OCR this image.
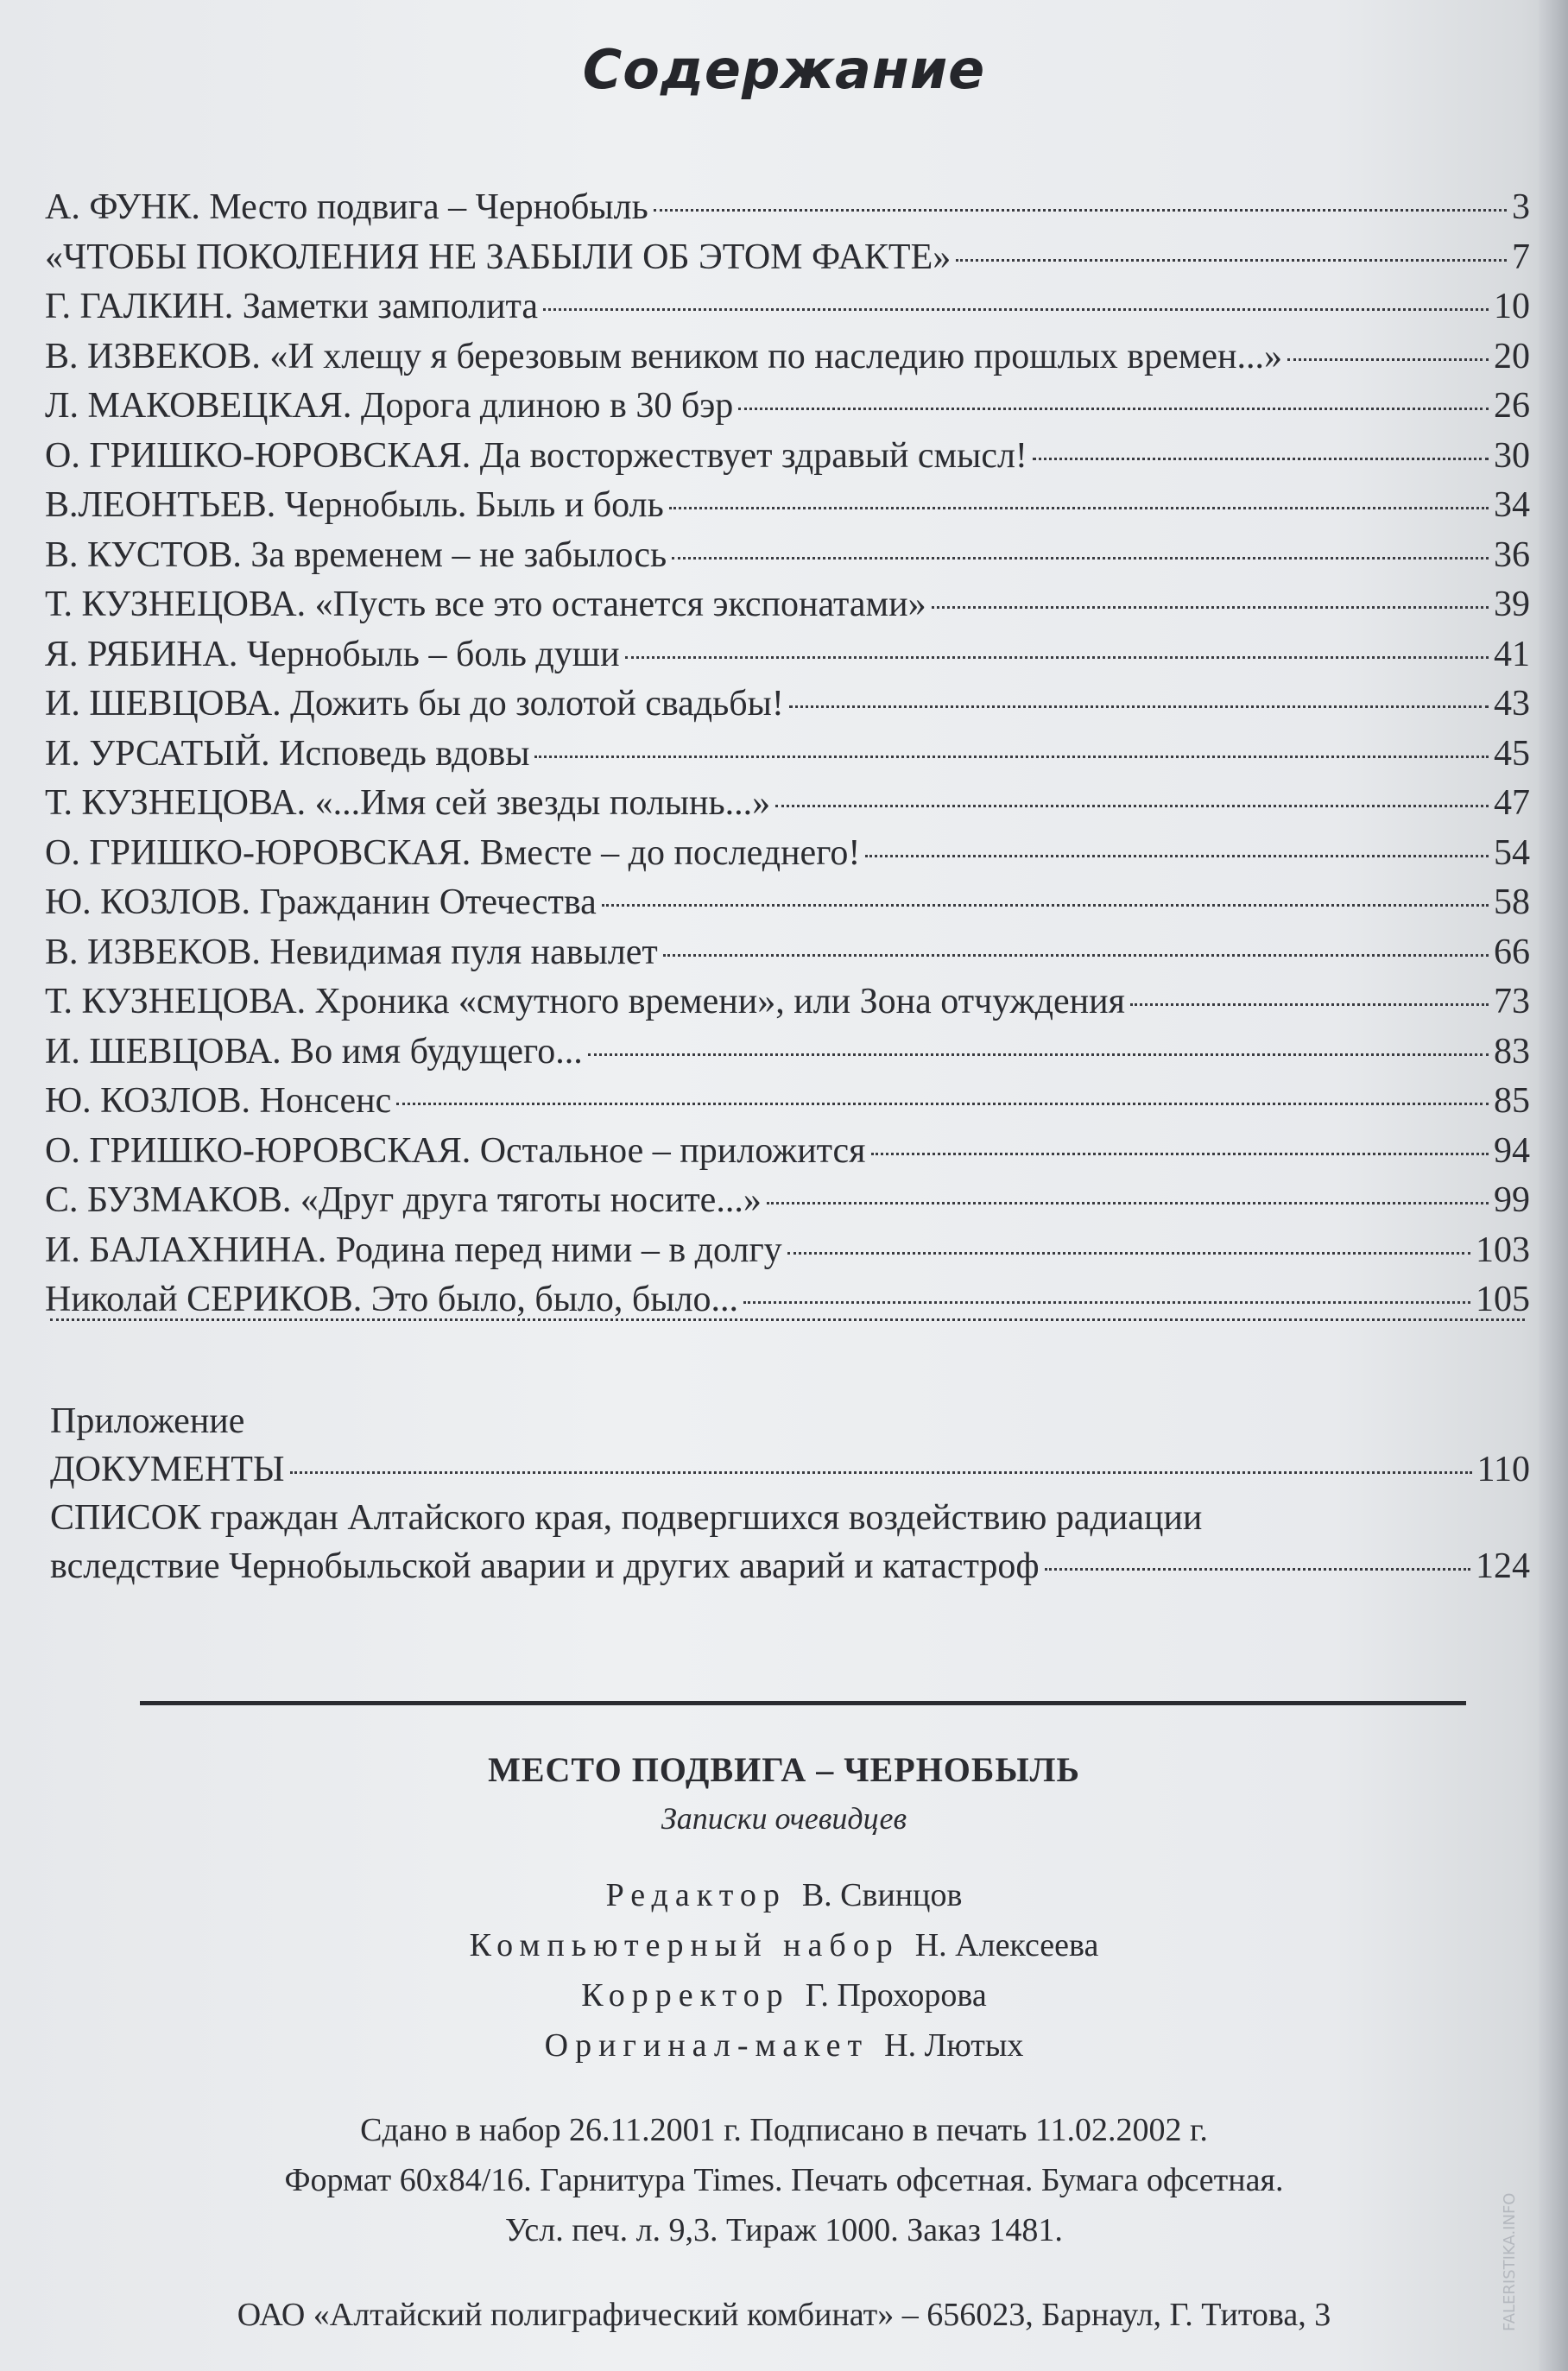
Содержание
А. ФУНК. Место подвига – Чернобыль	3
«ЧТОБЫ ПОКОЛЕНИЯ НЕ ЗАБЫЛИ ОБ ЭТОМ ФАКТЕ»	7
Г. ГАЛКИН. Заметки замполита	10
В. ИЗВЕКОВ. «И хлещу я березовым веником по наследию прошлых времен...»	20
Л. МАКОВЕЦКАЯ. Дорога длиною в 30 бэр	26
О. ГРИШКО-ЮРОВСКАЯ. Да восторжествует здравый смысл!	30
В.ЛЕОНТЬЕВ. Чернобыль. Быль и боль	34
В. КУСТОВ. За временем – не забылось	36
Т. КУЗНЕЦОВА. «Пусть все это останется экспонатами»	39
Я. РЯБИНА. Чернобыль – боль души	41
И. ШЕВЦОВА. Дожить бы до золотой свадьбы!	43
И. УРСАТЫЙ. Исповедь вдовы	45
Т. КУЗНЕЦОВА. «...Имя сей звезды полынь...»	47
О. ГРИШКО-ЮРОВСКАЯ. Вместе – до последнего!	54
Ю. КОЗЛОВ. Гражданин Отечества	58
В. ИЗВЕКОВ. Невидимая пуля навылет	66
Т. КУЗНЕЦОВА. Хроника «смутного времени», или Зона отчуждения	73
И. ШЕВЦОВА. Во имя будущего...	83
Ю. КОЗЛОВ. Нонсенс	85
О. ГРИШКО-ЮРОВСКАЯ. Остальное – приложится	94
С. БУЗМАКОВ. «Друг друга тяготы носите...»	99
И. БАЛАХНИНА. Родина перед ними – в долгу	103
Николай СЕРИКОВ. Это было, было, было...	105
Приложение
ДОКУМЕНТЫ	110
СПИСОК граждан Алтайского края, подвергшихся воздействию радиации
вследствие Чернобыльской аварии и других аварий и катастроф	124
МЕСТО ПОДВИГА – ЧЕРНОБЫЛЬ
Записки очевидцев
Редактор В. Свинцов
Компьютерный набор Н. Алексеева
Корректор Г. Прохорова
Оригинал-макет Н. Лютых
Сдано в набор 26.11.2001 г. Подписано в печать 11.02.2002 г.
Формат 60х84/16. Гарнитура Times. Печать офсетная. Бумага офсетная.
Усл. печ. л. 9,3. Тираж 1000. Заказ 1481.
ОАО «Алтайский полиграфический комбинат» – 656023, Барнаул, Г. Титова, 3	FALERISTIKA.INFO
